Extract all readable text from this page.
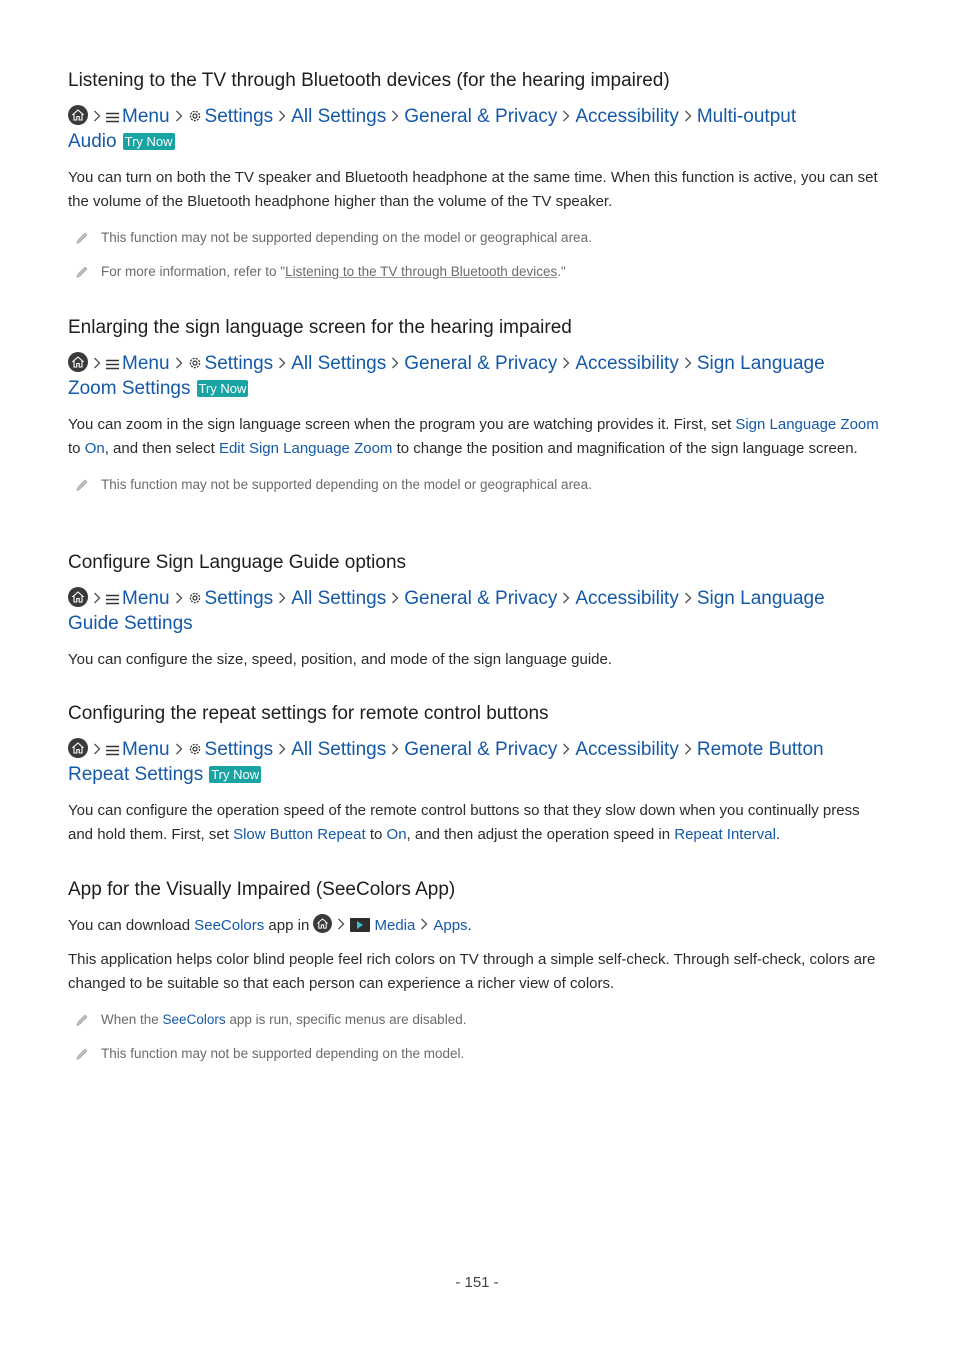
Listening to the TV through Bluetooth devices (for the hearing impaired)
Menu Settings All Settings General & Privacy Accessibility Multi-output
Audio Try Now

You can turn on both the TV speaker and Bluetooth headphone at the same time. When this function is active, you can set the volume of the Bluetooth headphone higher than the volume of the TV speaker.

This function may not be supported depending on the model or geographical area.
For more information, refer to "Listening to the TV through Bluetooth devices."
Enlarging the sign language screen for the hearing impaired
Menu Settings All Settings General & Privacy Accessibility Sign Language
Zoom Settings Try Now

You can zoom in the sign language screen when the program you are watching provides it. First, set Sign Language Zoom to On, and then select Edit Sign Language Zoom to change the position and magnification of the sign language screen.

This function may not be supported depending on the model or geographical area.
Configure Sign Language Guide options
Menu Settings All Settings General & Privacy Accessibility Sign Language
Guide Settings

You can configure the size, speed, position, and mode of the sign language guide.

Configuring the repeat settings for remote control buttons
Menu Settings All Settings General & Privacy Accessibility Remote Button
Repeat Settings Try Now

You can configure the operation speed of the remote control buttons so that they slow down when you continually press and hold them. First, set Slow Button Repeat to On, and then adjust the operation speed in Repeat Interval.

App for the Visually Impaired (SeeColors App)

You can download SeeColors app in	Media Apps.

This application helps color blind people feel rich colors on TV through a simple self-check. Through self-check, colors are changed to be suitable so that each person can experience a richer view of colors.

When the SeeColors app is run, specific menus are disabled.
This function may not be supported depending on the model.
- 151 -
